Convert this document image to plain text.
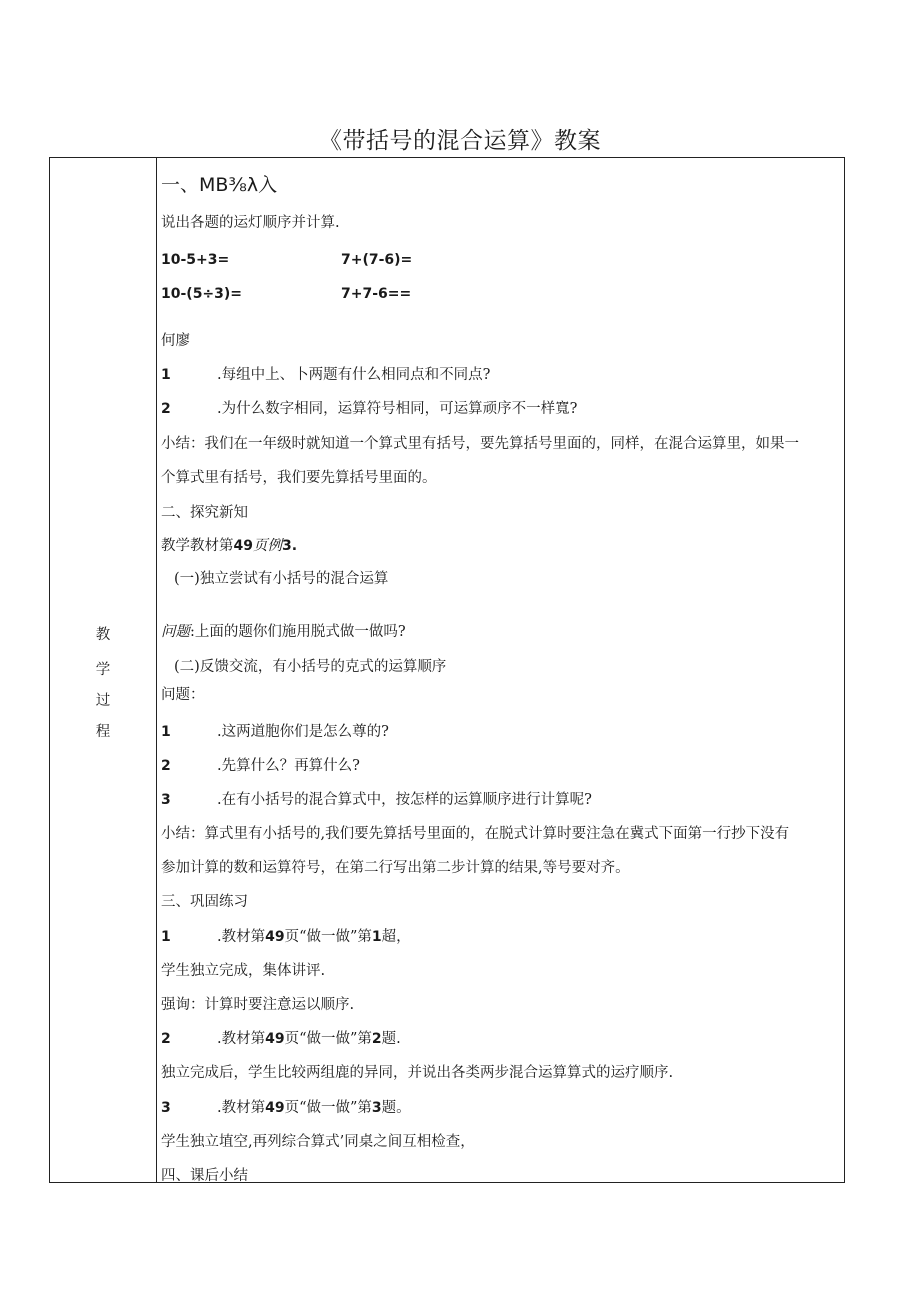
《带括号的混合运算》教案
教
学
过
程
一、MB⅜λ入
说出各题的运灯顺序并计算.
10-5+3=	7+(7-6)=
10-(5÷3)=	7+7-6==
何廖
1	.每组中上、卜两题有什么相同点和不同点?
2	.为什么数字相同，运算符号相同，可运算顽序不一样寬?
小结：我们在一年级时就知道一个算式里有括号，要先算括号里面的，同样，在混合运算里，如果一
个算式里有括号，我们要先算括号里面的。
二、探究新知
教学教材第49页例3.
(一)独立尝试有小括号的混合运算
问题:上面的题你们施用脱式做一做吗?
(二)反馈交流，有小括号的克式的运算顺序
问题：
1	.这两道胞你们是怎么尊的?
2	.先算什么？再算什么?
3	.在有小括号的混合算式中，按怎样的运算顺序进行计算呢?
小结：算式里有小括号的,我们要先算括号里面的，在脱式计算时要注急在冀式下面第一行抄下没有
参加计算的数和运算符号，在第二行写出第二步计算的结果,等号要对齐。
三、巩固练习
1	.教材第49页“做一做”第1超，
学生独立完成，集体讲评.
强询：计算时要注意运以顺序.
2	.教材第49页“做一做”第2题.
独立完成后，学生比较两组鹿的异同，并说出各类两步混合运算算式的运疗顺序.
3	.教材第49页“做一做”第3题。
学生独立埴空,再列综合算式’同桌之间互相检查，
四、课后小结
